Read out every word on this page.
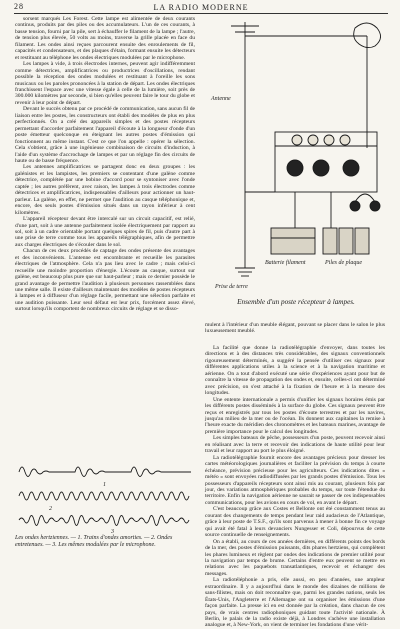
28	LA RADIO MODERNE

sorsent marqués Les Forest. Cette lampe est alimentée de deux courants continus, produits par des piles ou des accumulateurs. L'un de ces courants, à basse tension, fourni par la pile, sert à échauffer le filament de la lampe ; l'autre, de tension plus élevée, 50 volts au moins, traverse la grille placée en face du filament. Les ondes ainsi reçues parcourent ensuite des enroulements de fil, capacités et condensateurs, et des plaques d'étain, formant ensuite les détecteurs et restituant au téléphone les ondes électriques modulées par le microphone.

Les lampes à vide, à trois électrodes internes, peuvent agir indifféremment comme détectrices, amplificatrices ou productrices d'oscillations, rendant possible la réception des ondes modulées et restituant à l'oreille les sons musicaux ou les paroles prononcées à la station de départ. Les ondes électriques franchissent l'espace avec une vitesse égale à celle de la lumière, soit près de 300.000 kilomètres par seconde, si bien qu'elles peuvent faire le tour du globe et revenir à leur point de départ.

Devant le succès obtenu par ce procédé de communication, sans aucun fil de liaison entre les postes, les constructeurs ont établi des modèles de plus en plus perfectionnés. On a créé des appareils simples et des postes récepteurs permettant d'accorder parfaitement l'appareil d'écoute à la longueur d'onde d'un poste émetteur quelconque en éteignant les autres postes d'émission qui fonctionnent au même instant. C'est ce que l'on appelle : opérer la sélection. Cela s'obtient, grâce à une ingénieuse combinaison de circuits d'induction, à l'aide d'un système d'accrochage de lampes et par un réglage fin des circuits de haute ou de basse fréquence.

Les antennes amplificatrices se partagent donc en deux groupes : les galénistes et les lampistes, les premiers se contentant d'une galène comme détectrice, complétée par une bobine d'accord pour se syntoniser avec l'onde captée ; les autres préfèrent, avec raison, les lampes à trois électrodes comme détectrices et amplificatrices, indispensables d'ailleurs pour actionner un haut-parleur. La galène, en effet, ne permet que l'audition au casque téléphonique et, encore, des seuls postes d'émission situés dans un rayon inférieur à cent kilomètres.

L'appareil récepteur devant être intercalé sur un circuit capacitif, est relié, d'une part, soit à une antenne parfaitement isolée électriquement par rapport au sol, soit à un cadre orientable portant quelques spires de fil, puis d'autre part à une prise de terre comme tous les appareils télégraphiques, afin de permettre aux charges électriques de s'écouler dans le sol.

Chacun de ces deux procédés de captage des ondes présente des avantages et des inconvénients. L'antenne est encombrante et recueille les parasites électriques de l'atmosphère. Cela n'a pas lieu avec le cadre ; mais celui-ci recueille une moindre proportion d'énergie. L'écoute au casque, surtout sur galène, est beaucoup plus pure que sur haut-parleur ; mais ce dernier possède le grand avantage de permettre l'audition à plusieurs personnes rassemblées dans une même salle. Il existe d'ailleurs maintenant des modèles de postes récepteurs à lampes et à diffuseur d'un réglage facile, permettant une sélection parfaite et une audition puissante. Leur seul défaut est leur prix, forcément assez élevé, surtout lorsqu'ils comportent de nombreux circuits de réglage et se disso-

Antenne
Batterie filament	Piles de plaque
Prise de terre
Ensemble d'un poste récepteur à lampes.

mulent à l'intérieur d'un meuble élégant, pouvant se placer dans le salon le plus luxueusement meublé.

La facilité que donne la radiotélégraphie d'envoyer, dans toutes les directions et à des distances très considérables, des signaux conventionnels rigoureusement déterminés, a suggéré la pensée d'utiliser ces signaux pour différentes applications utiles à la science et à la navigation maritime et aérienne. On a tout d'abord exécuté une série d'expériences ayant pour but de connaître la vitesse de propagation des ondes et, ensuite, celles-ci ont déterminé avec précision, on s'est attaché à la fixation de l'heure et à la mesure des longitudes.

Une entente internationale a permis d'unifier les signaux horaires émis par les différents postes disséminés à la surface du globe. Ces signaux peuvent être reçus et enregistrés par tous les postes d'écoute terrestres et par les navires, jusqu'au milieu de la mer ou de l'océan. Ils donnent aux capitaines la remise à l'heure exacte du méridien des chronomètres et les bateaux marines, avantage de première importance pour le calcul des longitudes.

Les simples bateaux de pêche, possesseurs d'un poste, peuvent recevoir ainsi en réalisant avec la terre et recevoir des indications de haute utilité pour leur travail et leur rapport au port le plus éloigné.

La radiotélégraphie fournit encore des avantages précieux pour dresser les cartes météorologiques journalières et faciliter la prévision du temps à courte échéance, prévision précieuse pour les agriculteurs. Ces indications dites « météo » sont envoyées radiodiffusées par les grands postes d'émission. Tous les possesseurs d'appareils récepteurs sont ainsi mis au courant, plusieurs fois par jour, des variations atmosphériques probables du temps, sur toute l'étendue du territoire. Enfin la navigation aérienne ne saurait se passer de ces indispensables communications, pour les avions en cours de vol, en avant le départ.

C'est beaucoup grâce aux Costes et Bellonte ont été constamment tenus au courant des changements de temps pendant leur raid audacieux de l'Atlantique, grâce à leur poste de T.S.F., qu'ils sont parvenus à mener à bonne fin ce voyage qui avait été fatal à leurs devanciers Nungesser et Coli, dépourvus de cette source continuelle de renseignements.

On a établi, au cours de ces années dernières, en différents points des bords de la mer, des postes d'émission puissants, dits phares hertziens, qui complètent les phares lumineux et règlent par ondes des indications de premier utilité pour la navigation par temps de brume. Certains d'entre eux peuvent se mettre en relations avec les paquebots transatlantiques, recevoir et échanger des messages.

La radiotéléphonie a pris, elle aussi, en peu d'années, une ampleur extraordinaire. Il y a aujourd'hui dans le monde des dizaines de millions de sans-filistes, mais on doit reconnaître que, parmi les grandes nations, seuls les États-Unis, l'Angleterre et l'Allemagne ont su organiser les émissions d'une façon parfaite. La presse ici en est donnée par la création, dans chacun de ces pays, de vrais centres radiophoniques guidant toute l'activité nationale. À Berlin, le palais de la radio existe déjà, à Londres s'achève une installation analogue et, à New-York, on vient de terminer les fondations d'une vérit-

1
2
3
Les ondes hertziennes. — 1. Trains d'ondes amorties. — 2. Ondes entretenues. — 3. Les mêmes modulées par le microphone.
